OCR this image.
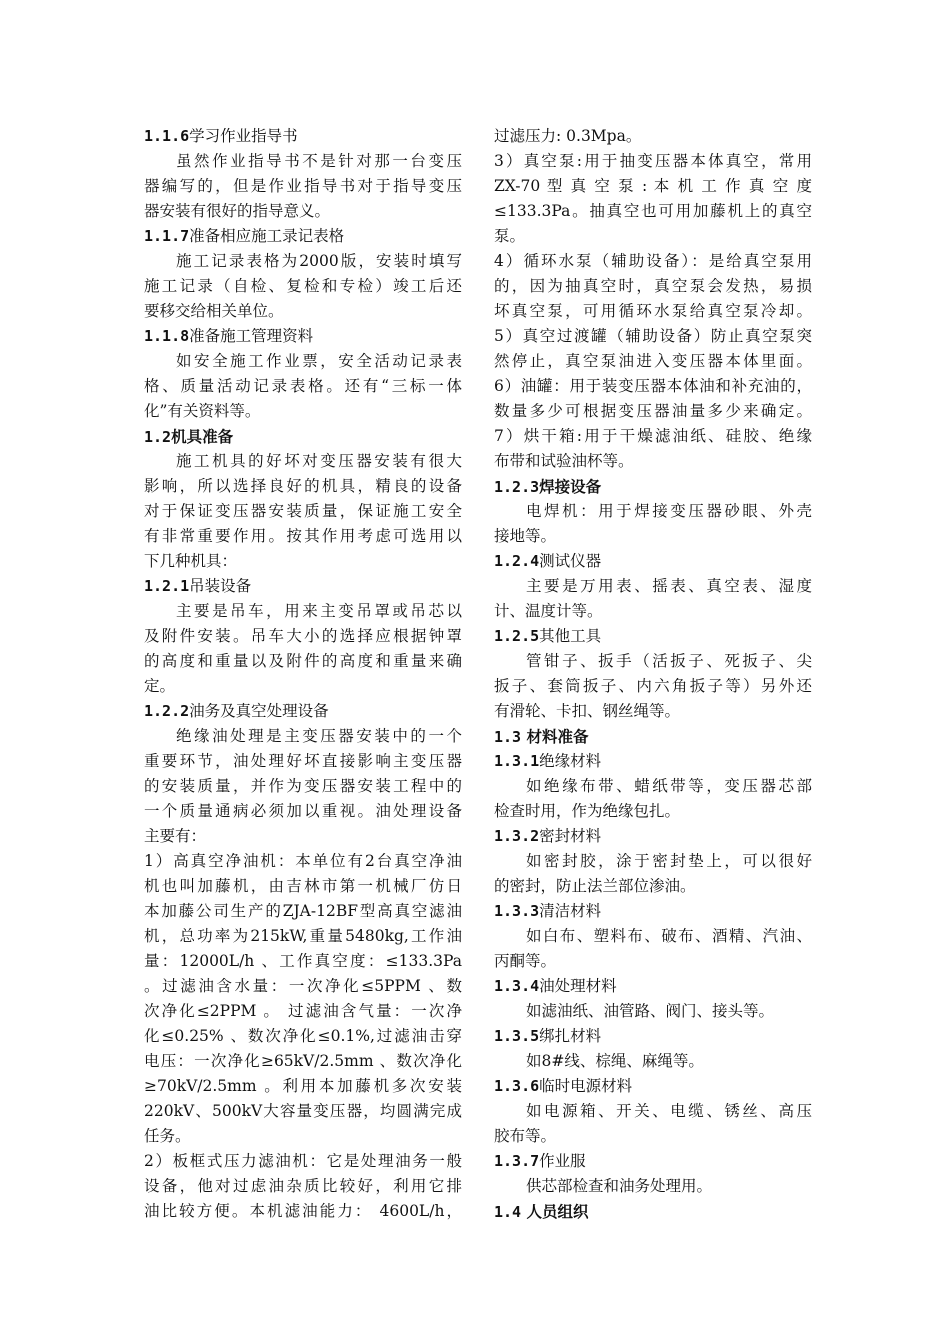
1.1.6学习作业指导书
虽然作业指导书不是针对那一台变压
器编写的，但是作业指导书对于指导变压
器安装有很好的指导意义。
1.1.7准备相应施工录记表格
施工记录表格为2000版，安装时填写
施工记录（自检、复检和专检）竣工后还
要移交给相关单位。
1.1.8准备施工管理资料
如安全施工作业票，安全活动记录表
格、质量活动记录表格。还有“三标一体
化”有关资料等。
1.2机具准备
施工机具的好坏对变压器安装有很大
影响，所以选择良好的机具，精良的设备
对于保证变压器安装质量，保证施工安全
有非常重要作用。按其作用考虑可选用以
下几种机具：
1.2.1吊装设备
主要是吊车，用来主变吊罩或吊芯以
及附件安装。吊车大小的选择应根据钟罩
的高度和重量以及附件的高度和重量来确
定。
1.2.2油务及真空处理设备
绝缘油处理是主变压器安装中的一个
重要环节，油处理好坏直接影响主变压器
的安装质量，并作为变压器安装工程中的
一个质量通病必须加以重视。油处理设备
主要有：
1）高真空净油机：本单位有2台真空净油
机也叫加藤机，由吉林市第一机械厂仿日
本加藤公司生产的ZJA-12BF型高真空滤油
机，总功率为215kW,重量5480kg,工作油
量：12000L/h 、工作真空度：≤133.3Pa
。过滤油含水量：一次净化≤5PPM 、数
次净化≤2PPM 。 过滤油含气量：一次净
化≤0.25% 、数次净化≤0.1%,过滤油击穿
电压：一次净化≥65kV/2.5mm 、数次净化
≥70kV/2.5mm 。利用本加藤机多次安装
220kV、500kV大容量变压器，均圆满完成
任务。
2）板框式压力滤油机：它是处理油务一般
设备，他对过虑油杂质比较好，利用它排
油比较方便。本机滤油能力： 4600L/h，
过滤压力: 0.3Mpa。
3）真空泵:用于抽变压器本体真空，常用
ZX-70 型 真 空 泵 : 本 机 工 作 真 空 度
≤133.3Pa。抽真空也可用加藤机上的真空
泵。
4）循环水泵（辅助设备）：是给真空泵用
的，因为抽真空时，真空泵会发热，易损
坏真空泵，可用循环水泵给真空泵冷却。
5）真空过渡罐（辅助设备）防止真空泵突
然停止，真空泵油进入变压器本体里面。
6）油罐：用于装变压器本体油和补充油的，
数量多少可根据变压器油量多少来确定。
7）烘干箱:用于干燥滤油纸、硅胶、绝缘
布带和试验油杯等。
1.2.3焊接设备
电焊机：用于焊接变压器砂眼、外壳
接地等。
1.2.4测试仪器
主要是万用表、摇表、真空表、湿度
计、温度计等。
1.2.5其他工具
管钳子、扳手（活扳子、死扳子、尖
扳子、套筒扳子、内六角扳子等）另外还
有滑轮、卡扣、钢丝绳等。
1.3 材料准备
1.3.1绝缘材料
如绝缘布带、蜡纸带等，变压器芯部
检查时用，作为绝缘包扎。
1.3.2密封材料
如密封胶，涂于密封垫上，可以很好
的密封，防止法兰部位渗油。
1.3.3清洁材料
如白布、塑料布、破布、酒精、汽油、
丙酮等。
1.3.4油处理材料
如滤油纸、油管路、阀门、接头等。
1.3.5绑扎材料
如8#线、棕绳、麻绳等。
1.3.6临时电源材料
如电源箱、开关、电缆、锈丝、高压
胶布等。
1.3.7作业服
供芯部检查和油务处理用。
1.4 人员组织
